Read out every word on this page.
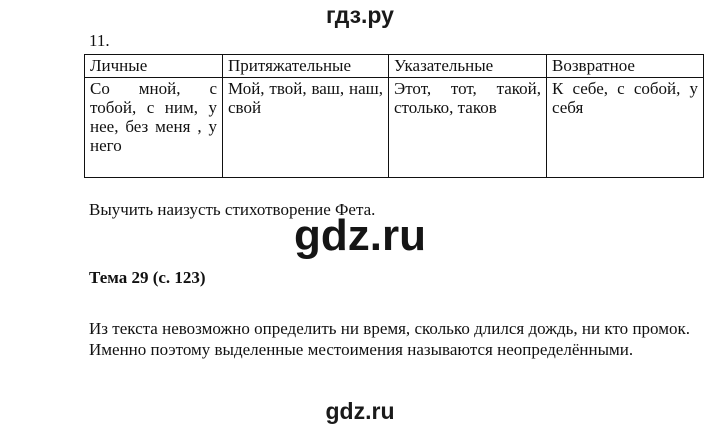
гдз.ру
11.
Личные	Притяжательные	Указательные	Возвратное
Со мной, с тобой, с ним, у нее, без меня , у него	Мой, твой, ваш, наш, свой	Этот, тот, такой, столько, таков	К себе, с собой, у себя
Выучить наизусть стихотворение Фета.
gdz.ru
Тема 29 (с. 123)
Из текста невозможно определить ни время, сколько длился дождь, ни кто промок. Именно поэтому выделенные местоимения называются неопределёнными.
gdz.ru
